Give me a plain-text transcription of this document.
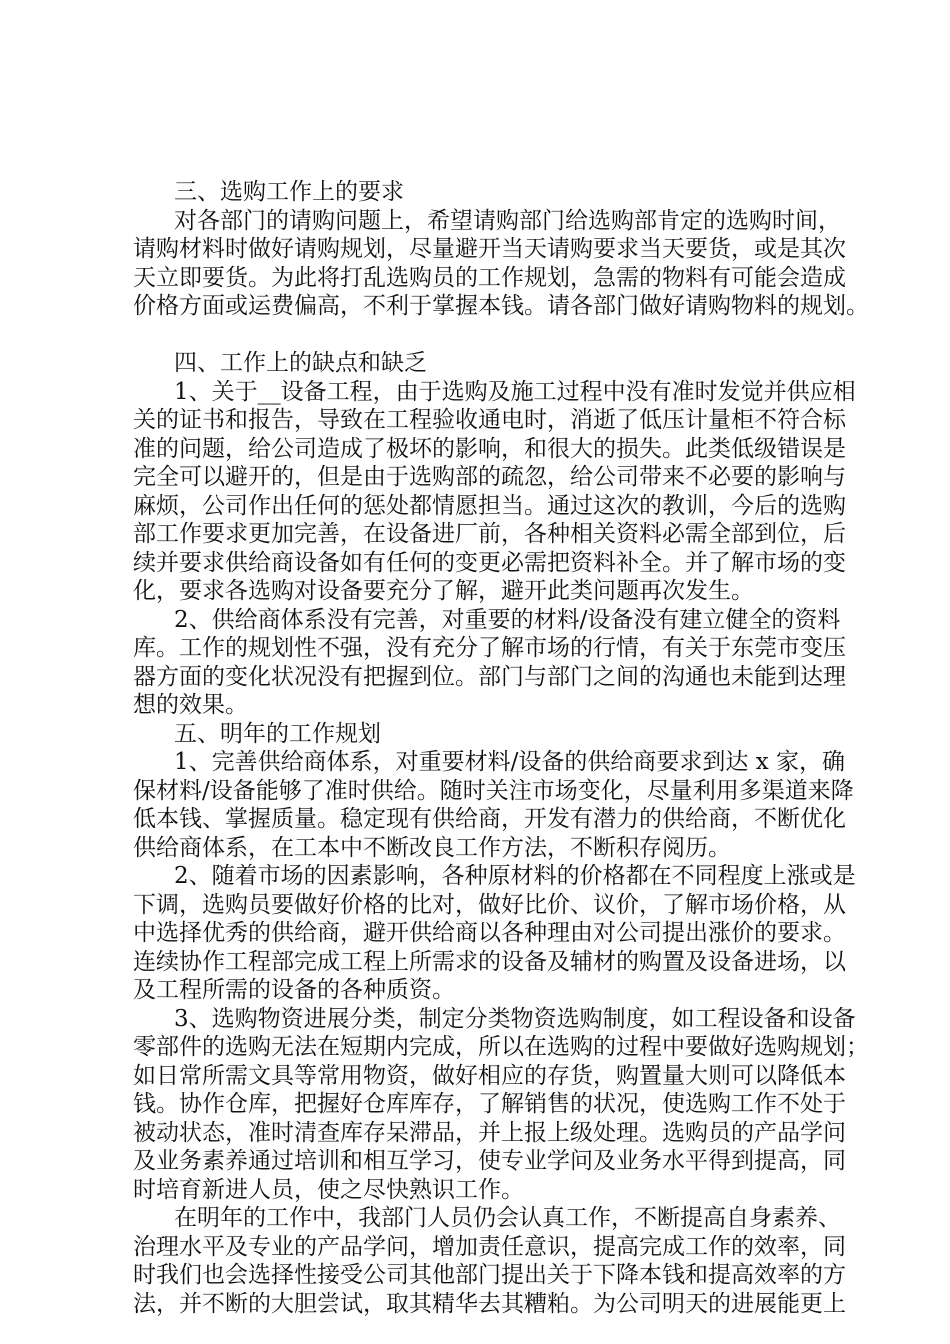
三、选购工作上的要求
对各部门的请购问题上，希望请购部门给选购部肯定的选购时间，
请购材料时做好请购规划，尽量避开当天请购要求当天要货，或是其次
天立即要货。为此将打乱选购员的工作规划，急需的物料有可能会造成
价格方面或运费偏高，不利于掌握本钱。请各部门做好请购物料的规划。
四、工作上的缺点和缺乏
1、关于__设备工程，由于选购及施工过程中没有准时发觉并供应相
关的证书和报告，导致在工程验收通电时，消逝了低压计量柜不符合标
准的问题，给公司造成了极坏的影响，和很大的损失。此类低级错误是
完全可以避开的，但是由于选购部的疏忽，给公司带来不必要的影响与
麻烦，公司作出任何的惩处都情愿担当。通过这次的教训，今后的选购
部工作要求更加完善，在设备进厂前，各种相关资料必需全部到位，后
续并要求供给商设备如有任何的变更必需把资料补全。并了解市场的变
化，要求各选购对设备要充分了解，避开此类问题再次发生。
2、供给商体系没有完善，对重要的材料/设备没有建立健全的资料
库。工作的规划性不强，没有充分了解市场的行情，有关于东莞市变压
器方面的变化状况没有把握到位。部门与部门之间的沟通也未能到达理
想的效果。
五、明年的工作规划
1、完善供给商体系，对重要材料/设备的供给商要求到达 x 家，确
保材料/设备能够了准时供给。随时关注市场变化，尽量利用多渠道来降
低本钱、掌握质量。稳定现有供给商，开发有潜力的供给商，不断优化
供给商体系，在工本中不断改良工作方法，不断积存阅历。
2、随着市场的因素影响，各种原材料的价格都在不同程度上涨或是
下调，选购员要做好价格的比对，做好比价、议价，了解市场价格，从
中选择优秀的供给商，避开供给商以各种理由对公司提出涨价的要求。
连续协作工程部完成工程上所需求的设备及辅材的购置及设备进场，以
及工程所需的设备的各种质资。
3、选购物资进展分类，制定分类物资选购制度，如工程设备和设备
零部件的选购无法在短期内完成，所以在选购的过程中要做好选购规划；
如日常所需文具等常用物资，做好相应的存货，购置量大则可以降低本
钱。协作仓库，把握好仓库库存，了解销售的状况，使选购工作不处于
被动状态，准时清查库存呆滞品，并上报上级处理。选购员的产品学问
及业务素养通过培训和相互学习，使专业学问及业务水平得到提高，同
时培育新进人员，使之尽快熟识工作。
在明年的工作中，我部门人员仍会认真工作，不断提高自身素养、
治理水平及专业的产品学问，增加责任意识，提高完成工作的效率，同
时我们也会选择性接受公司其他部门提出关于下降本钱和提高效率的方
法，并不断的大胆尝试，取其精华去其糟粕。为公司明天的进展能更上
